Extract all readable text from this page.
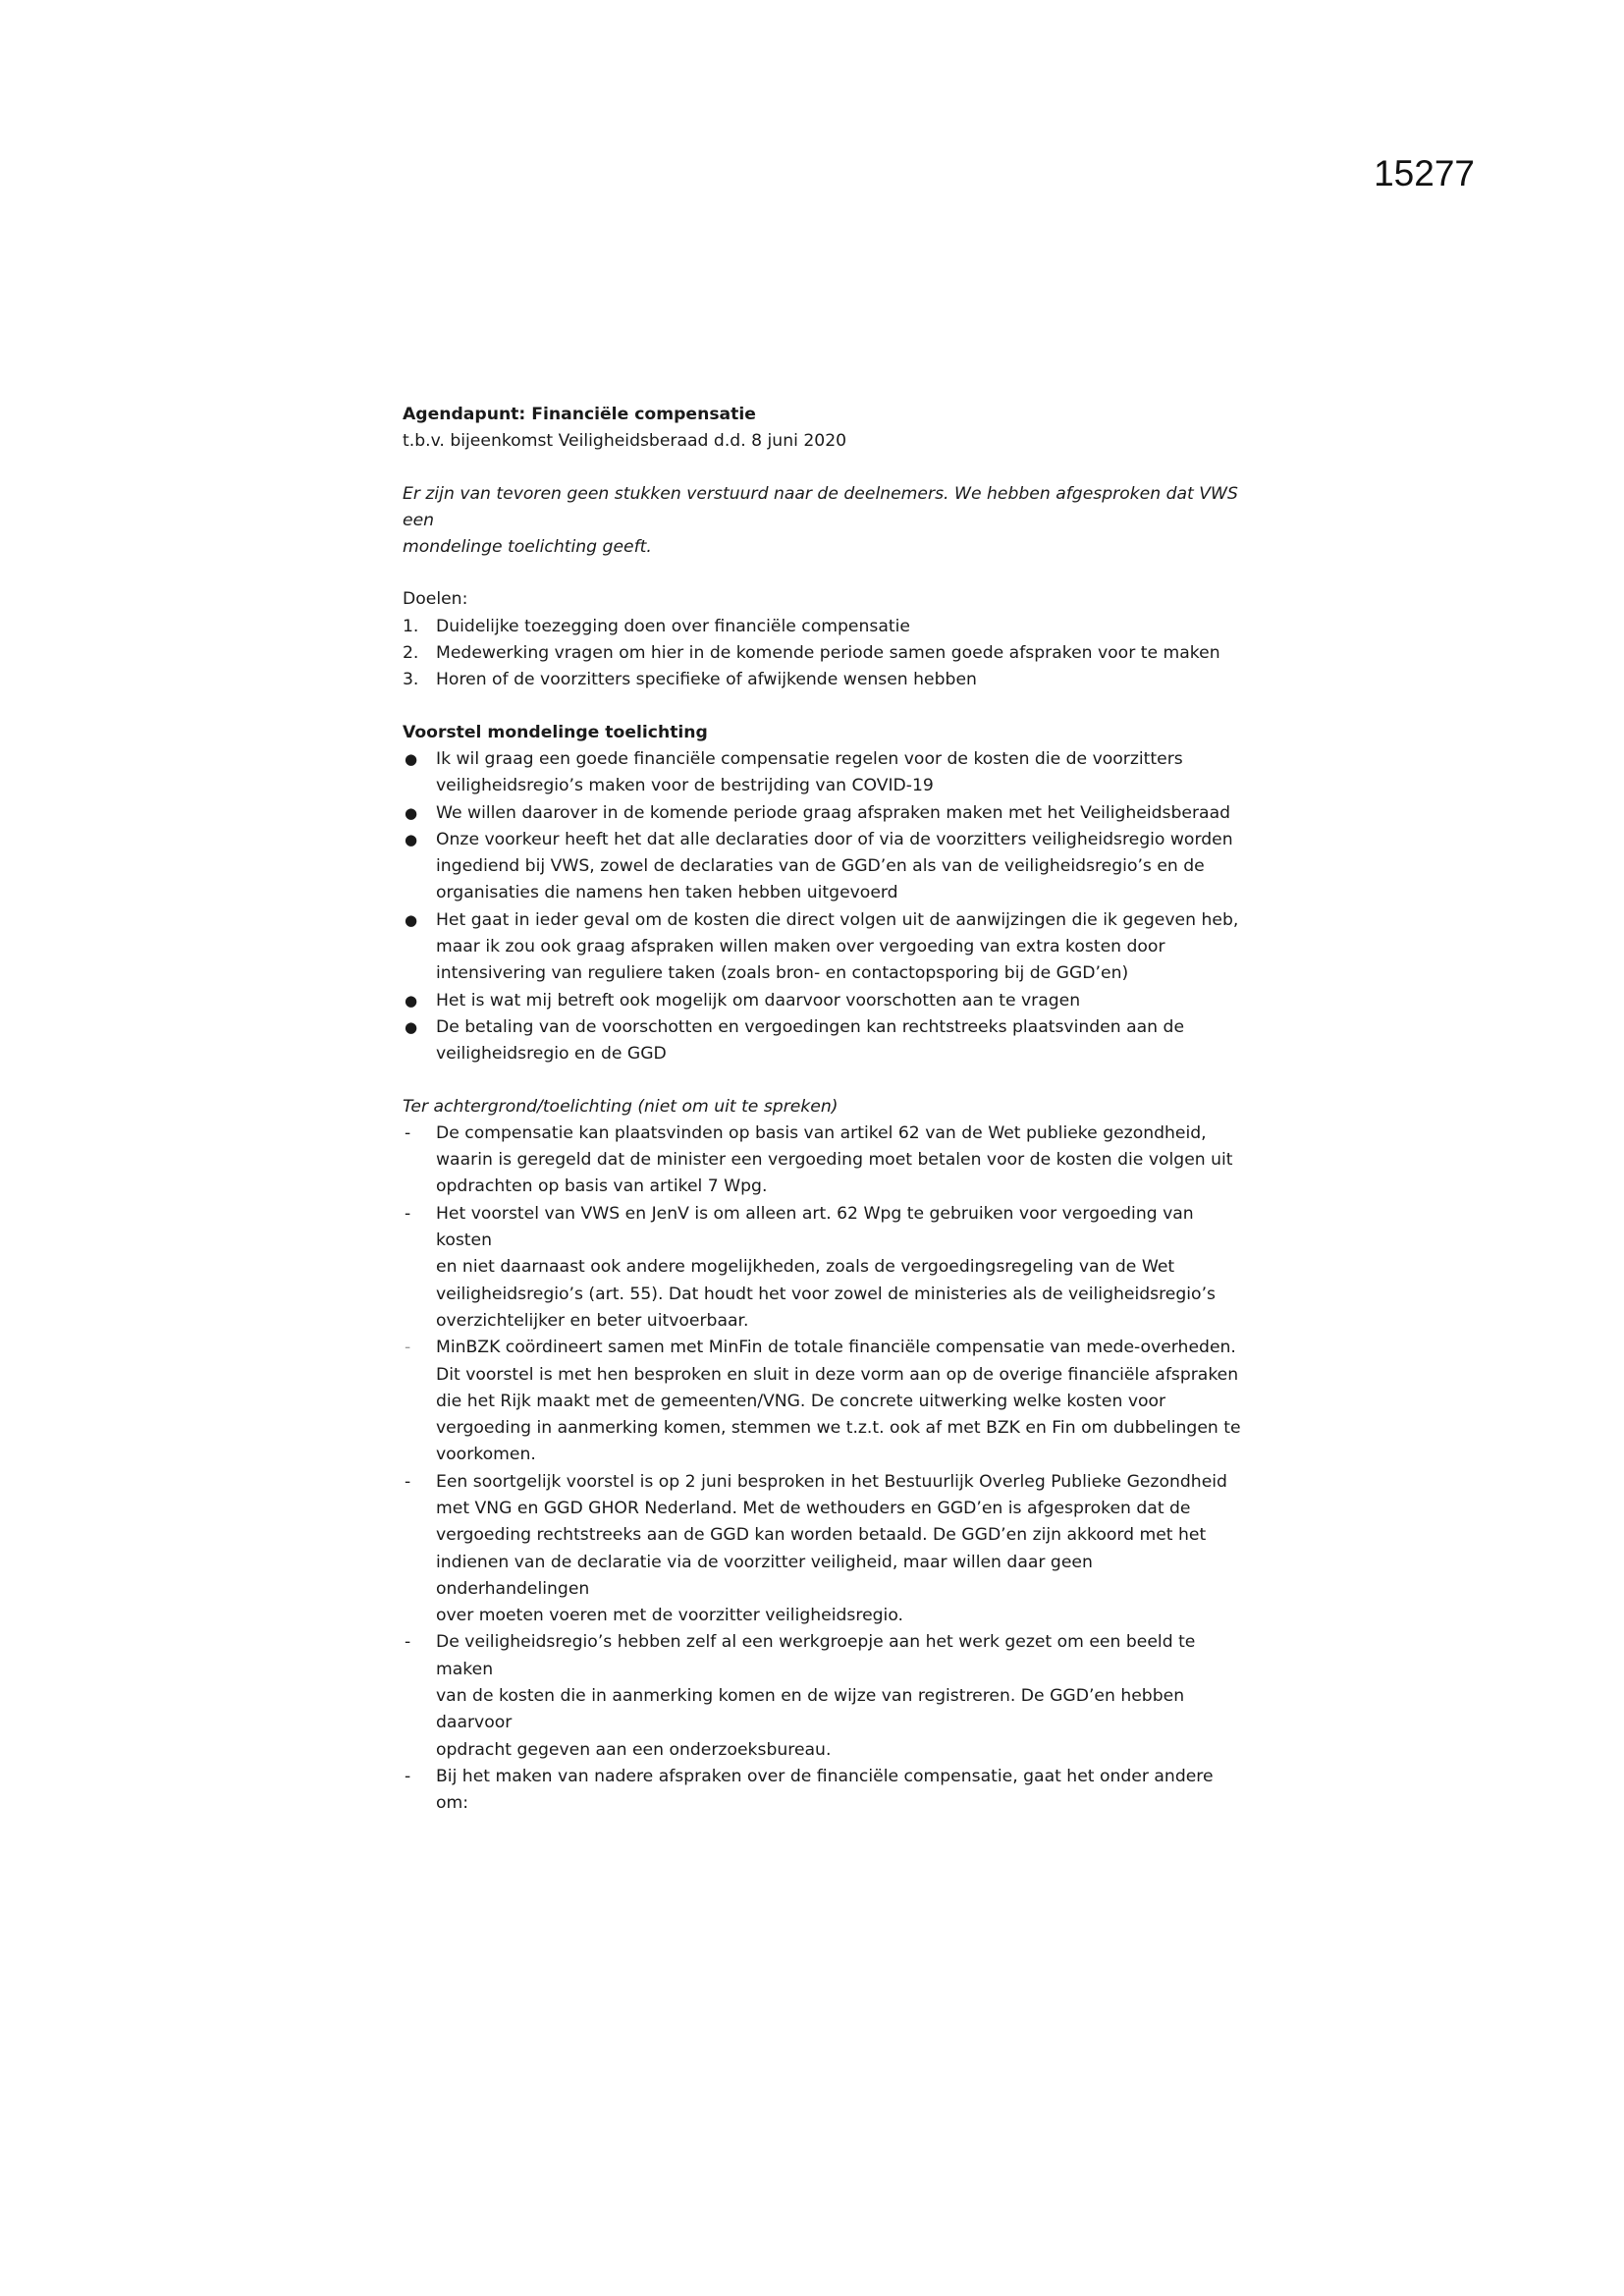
15277
Agendapunt: Financiële compensatie
t.b.v. bijeenkomst Veiligheidsberaad d.d. 8 juni 2020
Er zijn van tevoren geen stukken verstuurd naar de deelnemers. We hebben afgesproken dat VWS een
mondelinge toelichting geeft.
Doelen:
1. Duidelijke toezegging doen over financiële compensatie
2. Medewerking vragen om hier in de komende periode samen goede afspraken voor te maken
3. Horen of de voorzitters specifieke of afwijkende wensen hebben
Voorstel mondelinge toelichting
● Ik wil graag een goede financiële compensatie regelen voor de kosten die de voorzitters
veiligheidsregio’s maken voor de bestrijding van COVID-19
● We willen daarover in de komende periode graag afspraken maken met het Veiligheidsberaad
● Onze voorkeur heeft het dat alle declaraties door of via de voorzitters veiligheidsregio worden
ingediend bij VWS, zowel de declaraties van de GGD’en als van de veiligheidsregio’s en de
organisaties die namens hen taken hebben uitgevoerd
● Het gaat in ieder geval om de kosten die direct volgen uit de aanwijzingen die ik gegeven heb,
maar ik zou ook graag afspraken willen maken over vergoeding van extra kosten door
intensivering van reguliere taken (zoals bron- en contactopsporing bij de GGD’en)
● Het is wat mij betreft ook mogelijk om daarvoor voorschotten aan te vragen
● De betaling van de voorschotten en vergoedingen kan rechtstreeks plaatsvinden aan de
veiligheidsregio en de GGD
Ter achtergrond/toelichting (niet om uit te spreken)
- De compensatie kan plaatsvinden op basis van artikel 62 van de Wet publieke gezondheid,
waarin is geregeld dat de minister een vergoeding moet betalen voor de kosten die volgen uit
opdrachten op basis van artikel 7 Wpg.
- Het voorstel van VWS en JenV is om alleen art. 62 Wpg te gebruiken voor vergoeding van kosten
en niet daarnaast ook andere mogelijkheden, zoals de vergoedingsregeling van de Wet
veiligheidsregio’s (art. 55). Dat houdt het voor zowel de ministeries als de veiligheidsregio’s
overzichtelijker en beter uitvoerbaar.
- MinBZK coördineert samen met MinFin de totale financiële compensatie van mede-overheden.
Dit voorstel is met hen besproken en sluit in deze vorm aan op de overige financiële afspraken
die het Rijk maakt met de gemeenten/VNG. De concrete uitwerking welke kosten voor
vergoeding in aanmerking komen, stemmen we t.z.t. ook af met BZK en Fin om dubbelingen te
voorkomen.
- Een soortgelijk voorstel is op 2 juni besproken in het Bestuurlijk Overleg Publieke Gezondheid
met VNG en GGD GHOR Nederland. Met de wethouders en GGD’en is afgesproken dat de
vergoeding rechtstreeks aan de GGD kan worden betaald. De GGD’en zijn akkoord met het
indienen van de declaratie via de voorzitter veiligheid, maar willen daar geen onderhandelingen
over moeten voeren met de voorzitter veiligheidsregio.
- De veiligheidsregio’s hebben zelf al een werkgroepje aan het werk gezet om een beeld te maken
van de kosten die in aanmerking komen en de wijze van registreren. De GGD’en hebben daarvoor
opdracht gegeven aan een onderzoeksbureau.
- Bij het maken van nadere afspraken over de financiële compensatie, gaat het onder andere om:
